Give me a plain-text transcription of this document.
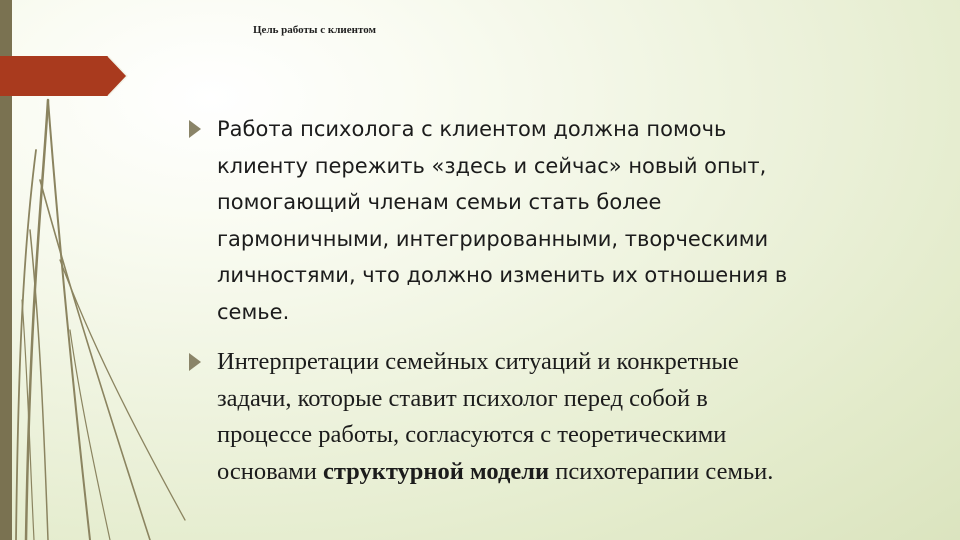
Цель работы с клиентом
Работа психолога с клиентом должна помочь
клиенту пережить «здесь и сейчас» новый опыт,
помогающий членам семьи стать более
гармоничными, интегрированными, творческими
личностями, что должно изменить их отношения в
семье.
Интерпретации семейных ситуаций и конкретные
задачи, которые ставит психолог перед собой в
процессе работы, согласуются с теоретическими
основами структурной модели психотерапии семьи.
